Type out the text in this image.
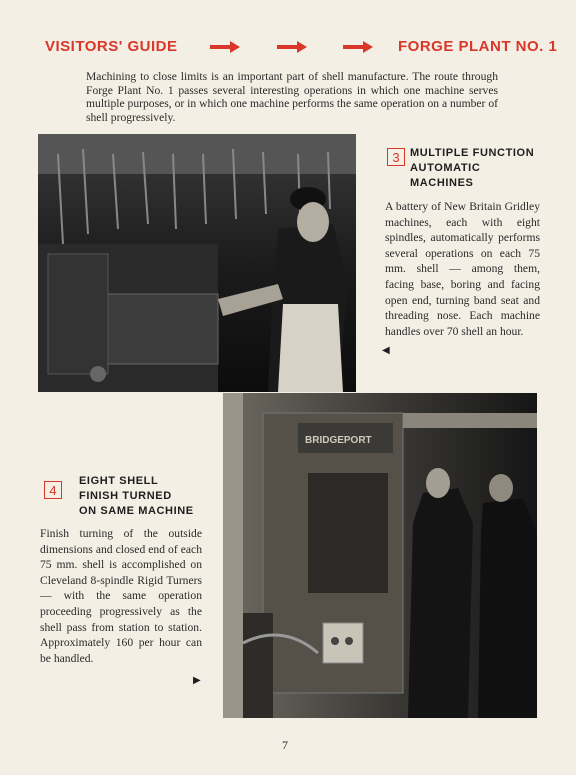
VISITORS' GUIDE	FORGE PLANT NO. 1
Machining to close limits is an important part of shell manufacture. The route through Forge Plant No. 1 passes several interesting operations in which one machine serves multiple purposes, or in which one machine performs the same operation on a number of shell progressively.
3 MULTIPLE FUNCTION
AUTOMATIC
MACHINES
A battery of New Britain Gridley machines, each with eight spindles, automatically performs several operations on each 75 mm. shell — among them, facing base, boring and facing open end, turning band seat and threading nose. Each machine handles over 70 shell an hour.
◀
BRIDGEPORT
4
EIGHT SHELL
FINISH TURNED
ON SAME MACHINE
Finish turning of the outside dimensions and closed end of each 75 mm. shell is accomplished on Cleveland 8-spindle Rigid Turners — with the same operation proceeding progressively as the shell pass from station to station. Approximately 160 per hour can be handled.
▶
7
